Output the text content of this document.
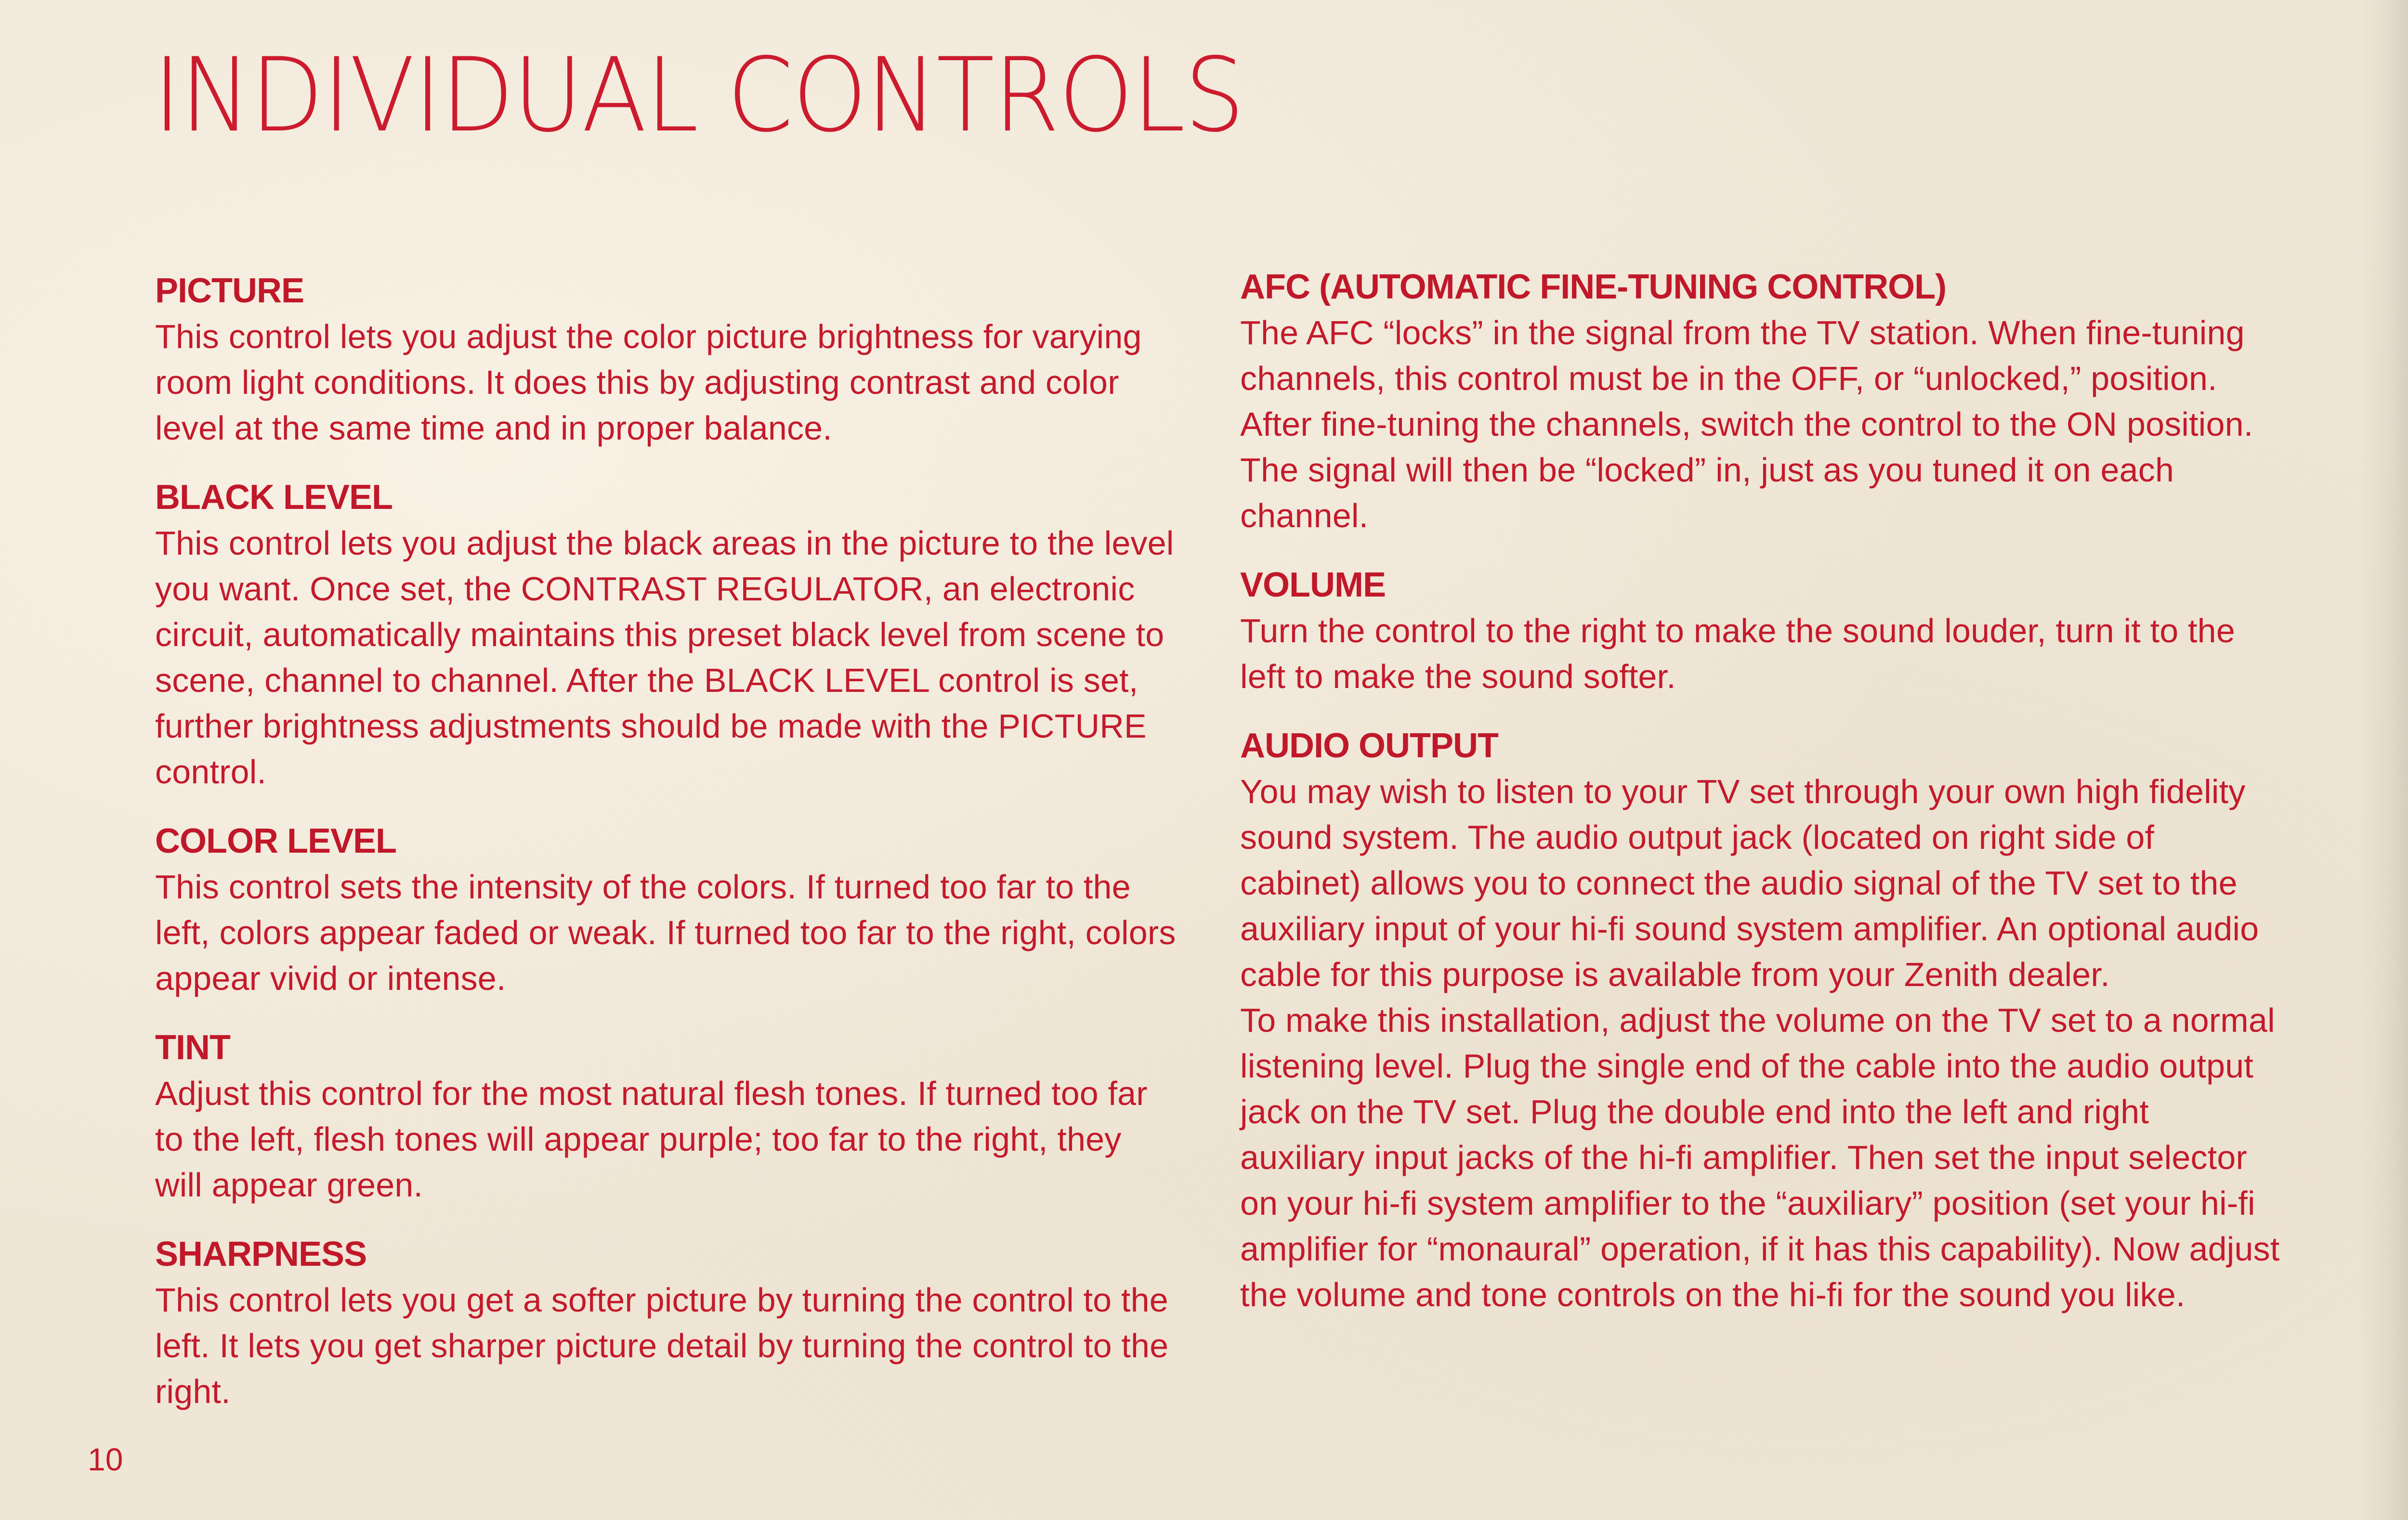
INDIVIDUAL CONTROLS
PICTURE

This control lets you adjust the color picture brightness for varying room light conditions. It does this by adjusting contrast and color level at the same time and in proper balance.

BLACK LEVEL

This control lets you adjust the black areas in the picture to the level you want. Once set, the CONTRAST REGULATOR, an electronic circuit, automatically maintains this preset black level from scene to scene, channel to channel. After the BLACK LEVEL control is set, further brightness adjustments should be made with the PICTURE control.

COLOR LEVEL

This control sets the intensity of the colors. If turned too far to the left, colors appear faded or weak. If turned too far to the right, colors appear vivid or intense.

TINT

Adjust this control for the most natural flesh tones. If turned too far to the left, flesh tones will appear purple; too far to the right, they will appear green.

SHARPNESS

This control lets you get a softer picture by turning the control to the left. It lets you get sharper picture detail by turning the control to the right.

AFC (AUTOMATIC FINE-TUNING CONTROL)

The AFC “locks” in the signal from the TV station. When fine-tuning channels, this control must be in the OFF, or “unlocked,” position. After fine-tuning the channels, switch the control to the ON position. The signal will then be “locked” in, just as you tuned it on each channel.

VOLUME

Turn the control to the right to make the sound louder, turn it to the left to make the sound softer.

AUDIO OUTPUT

You may wish to listen to your TV set through your own high fidelity sound system. The audio output jack (located on right side of cabinet) allows you to connect the audio signal of the TV set to the auxiliary input of your hi-fi sound system amplifier. An optional audio cable for this purpose is available from your Zenith dealer.

To make this installation, adjust the volume on the TV set to a normal listening level. Plug the single end of the cable into the audio output jack on the TV set. Plug the double end into the left and right auxiliary input jacks of the hi-fi amplifier. Then set the input selector on your hi-fi system amplifier to the “auxiliary” position (set your hi-fi amplifier for “monaural” operation, if it has this capability). Now adjust the volume and tone controls on the hi-fi for the sound you like.

10
